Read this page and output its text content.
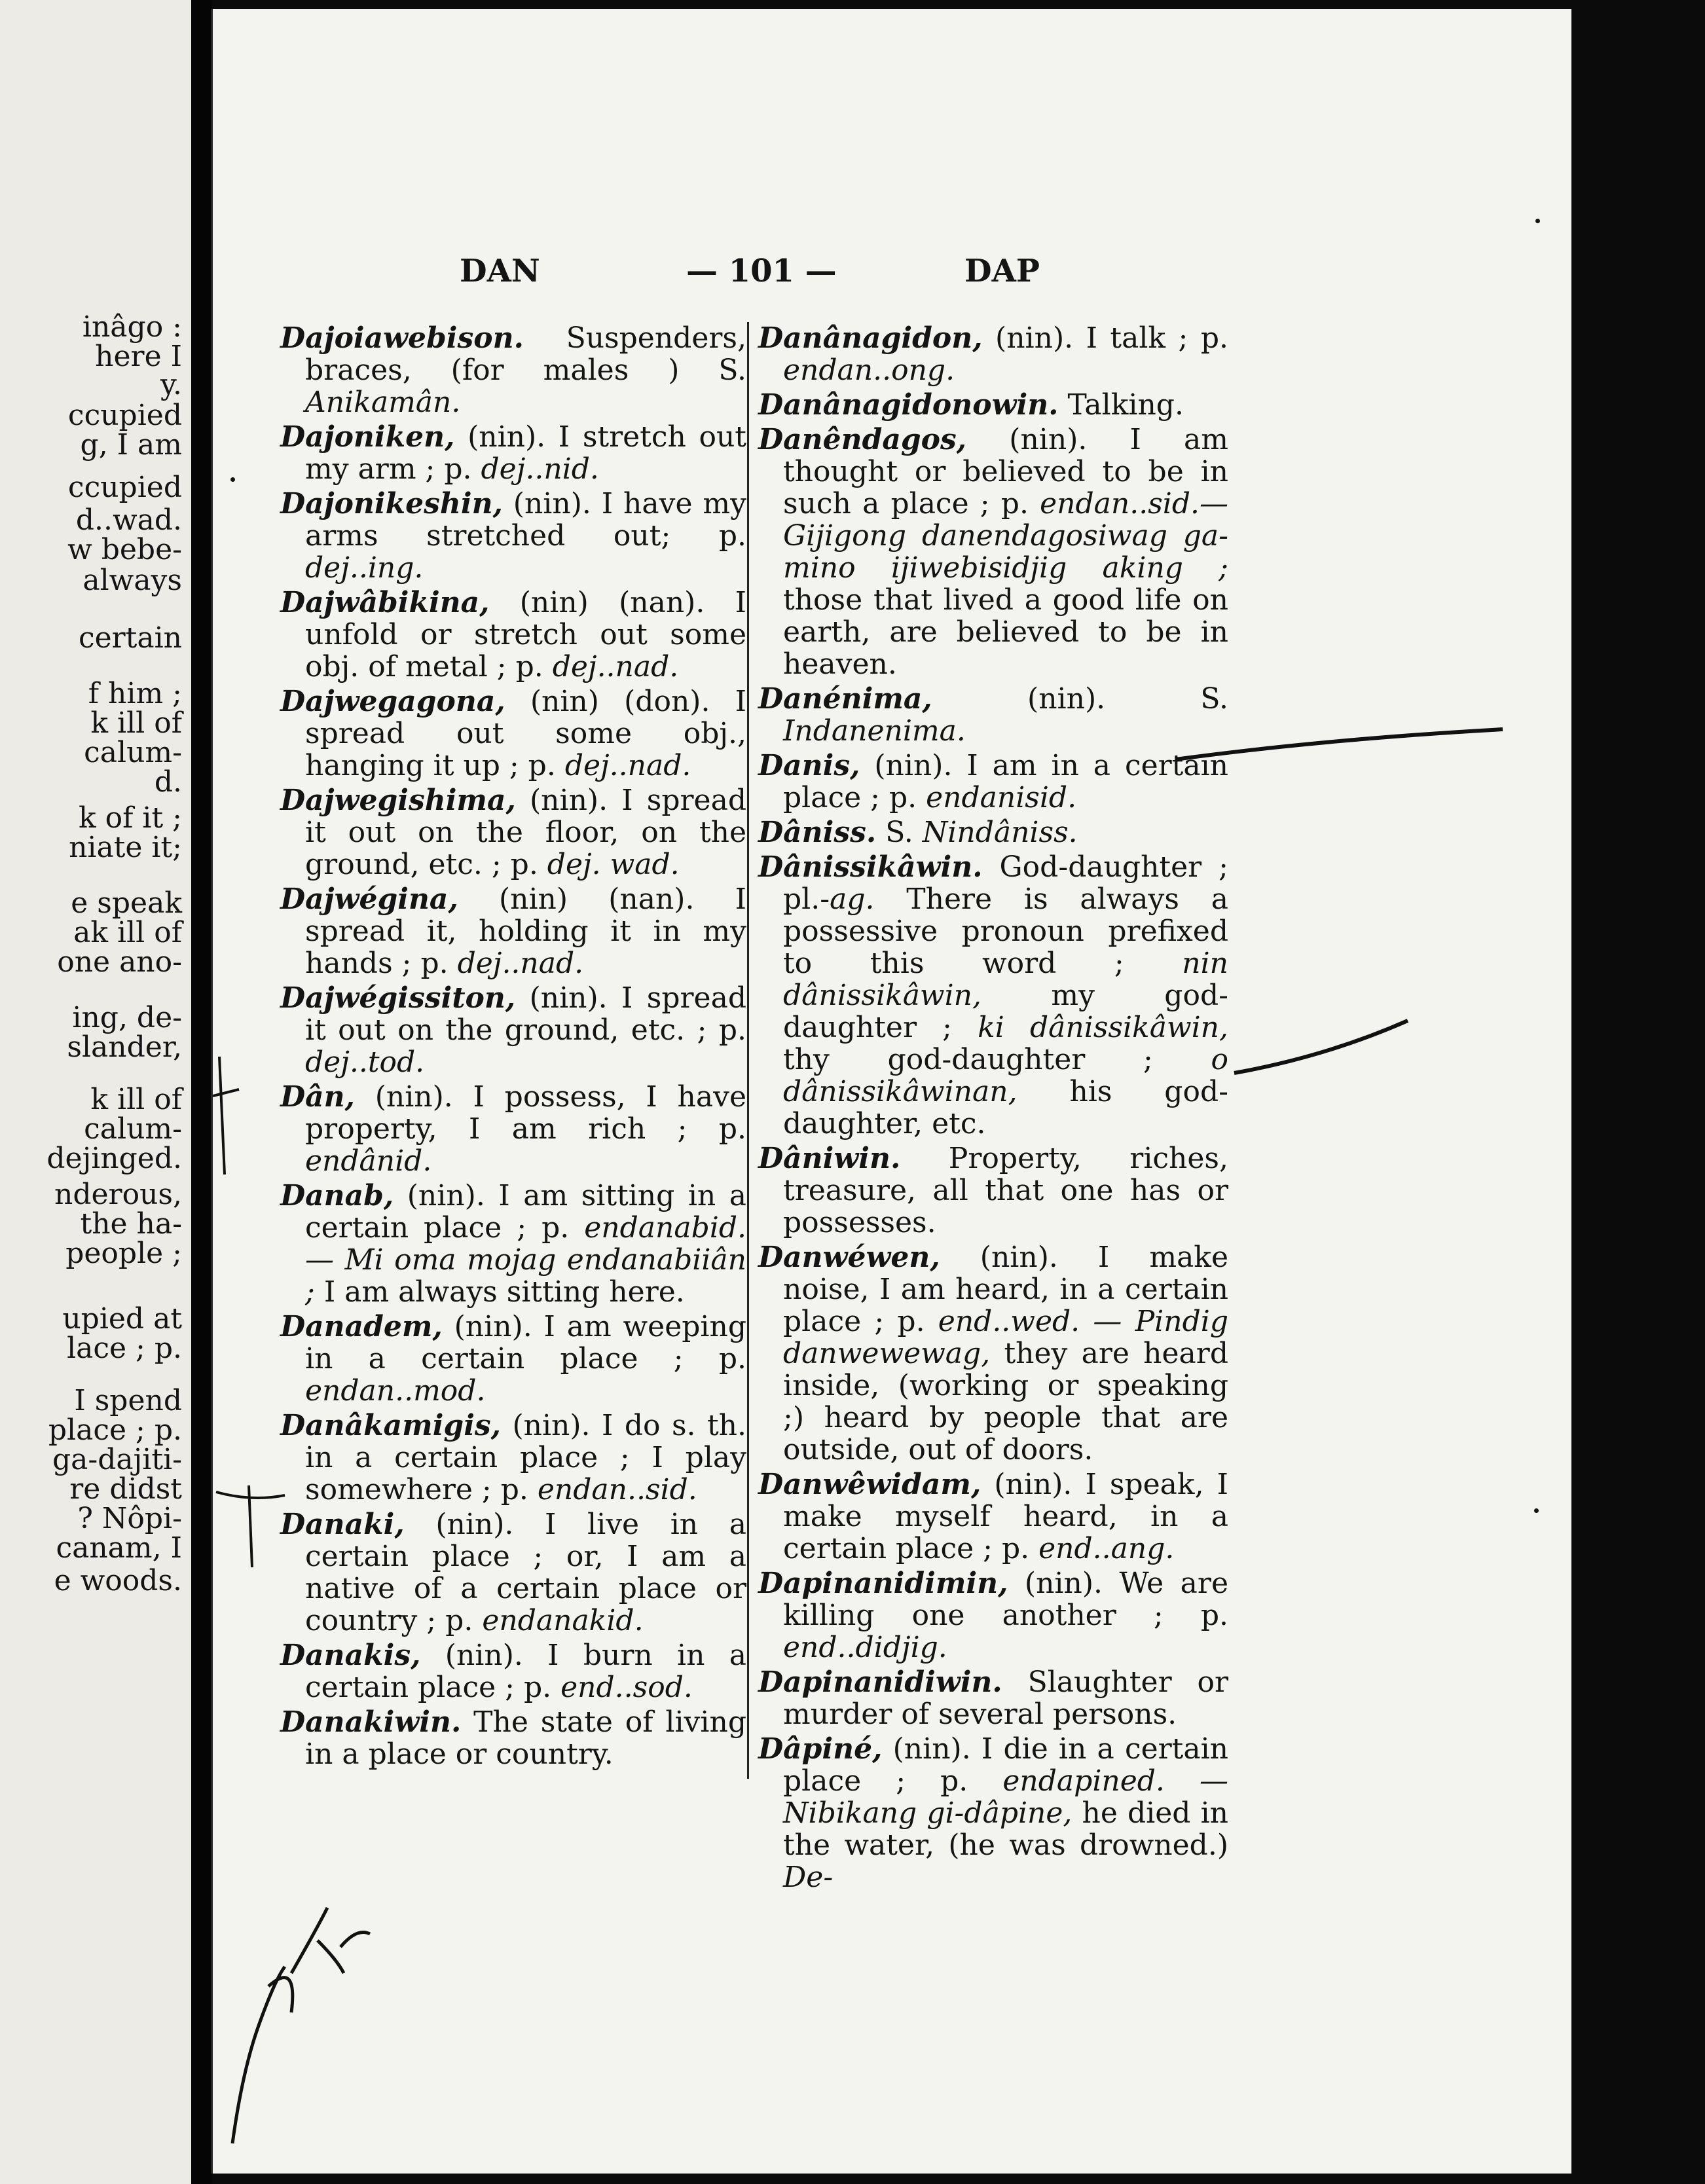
inâgo :
here I
y.
ccupied
g, I am
ccupied
d..wad.
w bebe-
always
certain
f him ;
k ill of
calum-
d.
k of it ;
niate it;
e speak
ak ill of
one ano-
ing, de-
slander,
k ill of
calum-
dejinged.
nderous,
the ha-
people ;
upied at
lace ; p.
I spend
place ; p.
ga-dajiti-
re didst
? Nôpi-
canam, I
e woods.
DAN	— 101 —	DAP
Dajoiawebison. Suspenders, braces, (for males ) S. Anikamân.
Dajoniken, (nin). I stretch out my arm ; p. dej..nid.
Dajonikeshin, (nin). I have my arms stretched out; p. dej..ing.
Dajwâbikina, (nin) (nan). I unfold or stretch out some obj. of metal ; p. dej..nad.
Dajwegagona, (nin) (don). I spread out some obj., hanging it up ; p. dej..nad.
Dajwegishima, (nin). I spread it out on the floor, on the ground, etc. ; p. dej. wad.
Dajwégina, (nin) (nan). I spread it, holding it in my hands ; p. dej..nad.
Dajwégissiton, (nin). I spread it out on the ground, etc. ; p. dej..tod.
Dân, (nin). I possess, I have property, I am rich ; p. endânid.
Danab, (nin). I am sitting in a certain place ; p. endanabid.— Mi oma mojag endanabiiân ; I am always sitting here.
Danadem, (nin). I am weeping in a certain place ; p. endan..mod.
Danâkamigis, (nin). I do s. th. in a certain place ; I play somewhere ; p. endan..sid.
Danaki, (nin). I live in a certain place ; or, I am a native of a certain place or country ; p. endanakid.
Danakis, (nin). I burn in a certain place ; p. end..sod.
Danakiwin. The state of living in a place or country.
Danânagidon, (nin). I talk ; p. endan..ong.
Danânagidonowin. Talking.
Danêndagos, (nin). I am thought or believed to be in such a place ; p. endan..sid.—Gijigong danendagosiwag ga-mino ijiwebisidjig aking ; those that lived a good life on earth, are believed to be in heaven.
Danénima, (nin). S. Indanenima.
Danis, (nin). I am in a certain place ; p. endanisid.
Dâniss. S. Nindâniss.
Dânissikâwin. God-daughter ; pl.-ag. There is always a possessive pronoun prefixed to this word ; nin dânissikâwin, my god-daughter ; ki dânissikâwin, thy god-daughter ; o dânissikâwinan, his god-daughter, etc.
Dâniwin. Property, riches, treasure, all that one has or possesses.
Danwéwen, (nin). I make noise, I am heard, in a certain place ; p. end..wed. — Pindig danwewewag, they are heard inside, (working or speaking ;) heard by people that are outside, out of doors.
Danwêwidam, (nin). I speak, I make myself heard, in a certain place ; p. end..ang.
Dapinanidimin, (nin). We are killing one another ; p. end..didjig.
Dapinanidiwin. Slaughter or murder of several persons.
Dâpiné, (nin). I die in a certain place ; p. endapined. — Nibikang gi-dâpine, he died in the water, (he was drowned.) De-
